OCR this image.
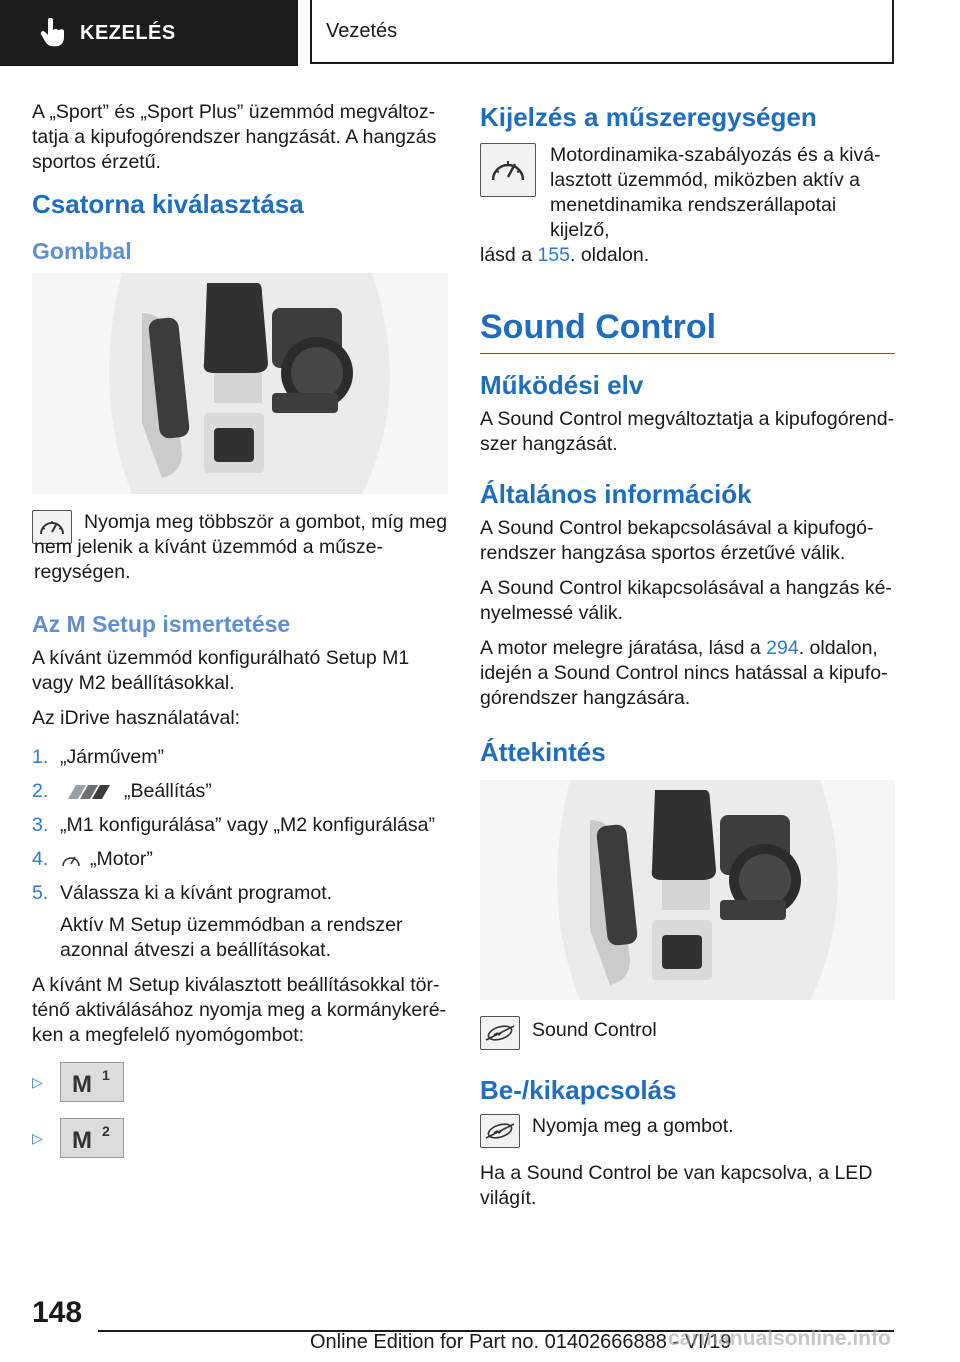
KEZELÉS	Vezetés

A „Sport” és „Sport Plus” üzemmód megváltoztatja a kipufogórendszer hangzását. A hangzás sportos érzetű.

Csatorna kiválasztása
Gombbal

Nyomja meg többször a gombot, míg meg nem jelenik a kívánt üzemmód a műszeregységen.

Az M Setup ismertetése

A kívánt üzemmód konfigurálható Setup M1 vagy M2 beállításokkal.

Az iDrive használatával:

1. „Járművem”
2.	„Beállítás”
3. „M1 konfigurálása” vagy „M2 konfigurálása”
4.	„Motor”
5. Válassza ki a kívánt programot.

Aktív M Setup üzemmódban a rendszer azonnal átveszi a beállításokat.

A kívánt M Setup kiválasztott beállításokkal történő aktiválásához nyomja meg a kormánykeréken a megfelelő nyomógombot:

▷	M 1
▷	M 2
Kijelzés a műszeregységen

Motordinamika-szabályozás és a kiválasztott üzemmód, miközben aktív a menetdinamika rendszerállapotai kijelző,

lásd a 155. oldalon.

Sound Control
Működési elv

A Sound Control megváltoztatja a kipufogórendszer hangzását.

Általános információk

A Sound Control bekapcsolásával a kipufogórendszer hangzása sportos érzetűvé válik.

A Sound Control kikapcsolásával a hangzás kényelmessé válik.

A motor melegre járatása, lásd a 294. oldalon, idején a Sound Control nincs hatással a kipufogórendszer hangzására.

Áttekintés

Sound Control

Be-/kikapcsolás

Nyomja meg a gombot.

Ha a Sound Control be van kapcsolva, a LED világít.

148
Online Edition for Part no. 01402666888 - VI/19
carmanualsonline.info
